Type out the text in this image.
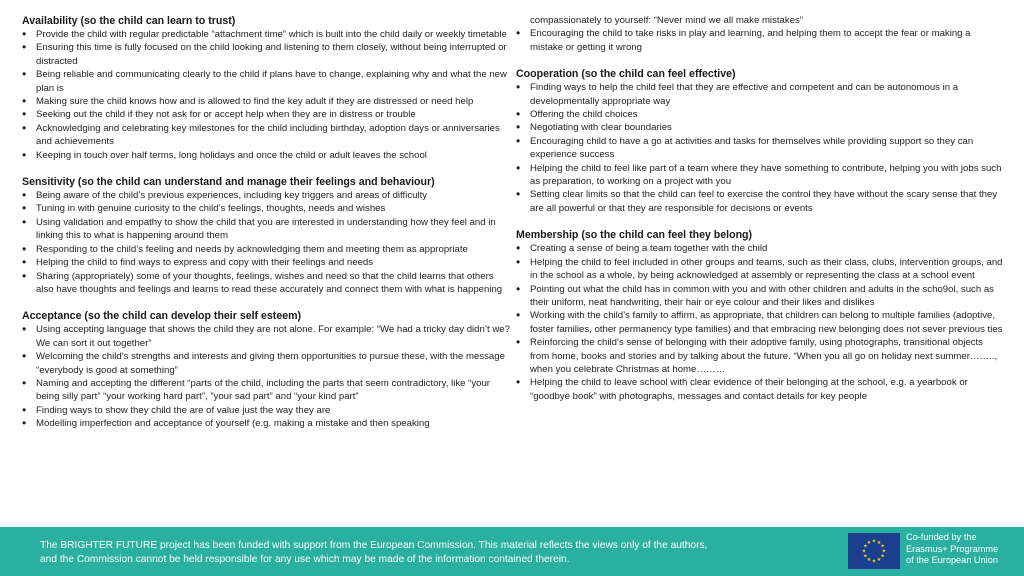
Availability (so the child can learn to trust)

• Provide the child with regular predictable “attachment time” which is built into the child daily or weekly timetable
• Ensuring this time is fully focused on the child looking and listening to them closely, without being interrupted or distracted
• Being reliable and communicating clearly to the child if plans have to change, explaining why and what the new plan is
• Making sure the child knows how and is allowed to find the key adult if they are distressed or need help
• Seeking out the child if they not ask for or accept help when they are in distress or trouble
• Acknowledging and celebrating key milestones for the child including birthday, adoption days or anniversaries and achievements
• Keeping in touch over half terms, long holidays and once the child or adult leaves the school

Sensitivity (so the child can understand and manage their feelings and behaviour)

• Being aware of the child’s previous experiences, including key triggers and areas of difficulty
• Tuning in with genuine curiosity to the child’s feelings, thoughts, needs and wishes
• Using validation and empathy to show the child that you are interested in understanding how they feel and in linking this to what is happening around them
• Responding to the child’s feeling and needs by acknowledging them and meeting them as appropriate
• Helping the child to find ways to express and copy with their feelings and needs
• Sharing (appropriately) some of your thoughts, feelings, wishes and need so that the child learns that others also have thoughts and feelings and learns to read these accurately and connect them with what is happening

Acceptance (so the child can develop their self esteem)

• Using accepting language that shows the child they are not alone. For example: “We had a tricky day didn’t we? We can sort it out together”
• Welcoming the child’s strengths and interests and giving them opportunities to pursue these, with the message “everybody is good at something”
• Naming and accepting the different “parts of the child, including the parts that seem contradictory, like “your being silly part” “your working hard part”, ”your sad part” and “your kind part”
• Finding ways to show they child the are of value just the way they are
• Modelling imperfection and acceptance of yourself (e.g. making a mistake and then speaking
compassionately to yourself: “Never mind we all make mistakes”
• Encouraging the child to take risks in play and learning, and helping them to accept the fear or making a mistake or getting it wrong

Cooperation (so the child can feel effective)

• Finding ways to help the child feel that they are effective and competent and can be autonomous in a developmentally appropriate way
• Offering the child choices
• Negotiating with clear boundaries
• Encouraging child to have a go at activities and tasks for themselves while providing support so they can experience success
• Helping the child to feel like part of a team where they have something to contribute, helping you with jobs such as preparation, to working on a project with you
• Setting clear limits so that the child can feel to exercise the control they have without the scary sense that they are all powerful or that they are responsible for decisions or events

Membership (so the child can feel they belong)

• Creating a sense of being a team together with the child
• Helping the child to feel included in other groups and teams, such as their class, clubs, intervention groups, and in the school as a whole, by being acknowledged at assembly or representing the class at a school event
• Pointing out what the child has in common with you and with other children and adults in the scho9ol, such as their uniform, neat handwriting, their hair or eye colour and their likes and dislikes
• Working with the child’s family to affirm, as appropriate, that children can belong to multiple families (adoptive, foster families, other permanency type families) and that embracing new belonging does not sever previous ties
• Reinforcing the child’s sense of belonging with their adoptive family, using photographs, transitional objects from home, books and stories and by talking about the future. “When you all go on holiday next summer…….., when you celebrate Christmas at home………
• Helping the child to leave school with clear evidence of their belonging at the school, e.g. a yearbook or “goodbye book” with photographs, messages and contact details for key people
The BRIGHTER FUTURE project has been funded with support from the European Commission. This material reflects the views only of the authors,
and the Commission cannot be held responsible for any use which may be made of the information contained therein.
★ ★
★
★
★
★
★
★
★
★
★
★
Co-funded by the
Erasmus+ Programme
of the European Union
